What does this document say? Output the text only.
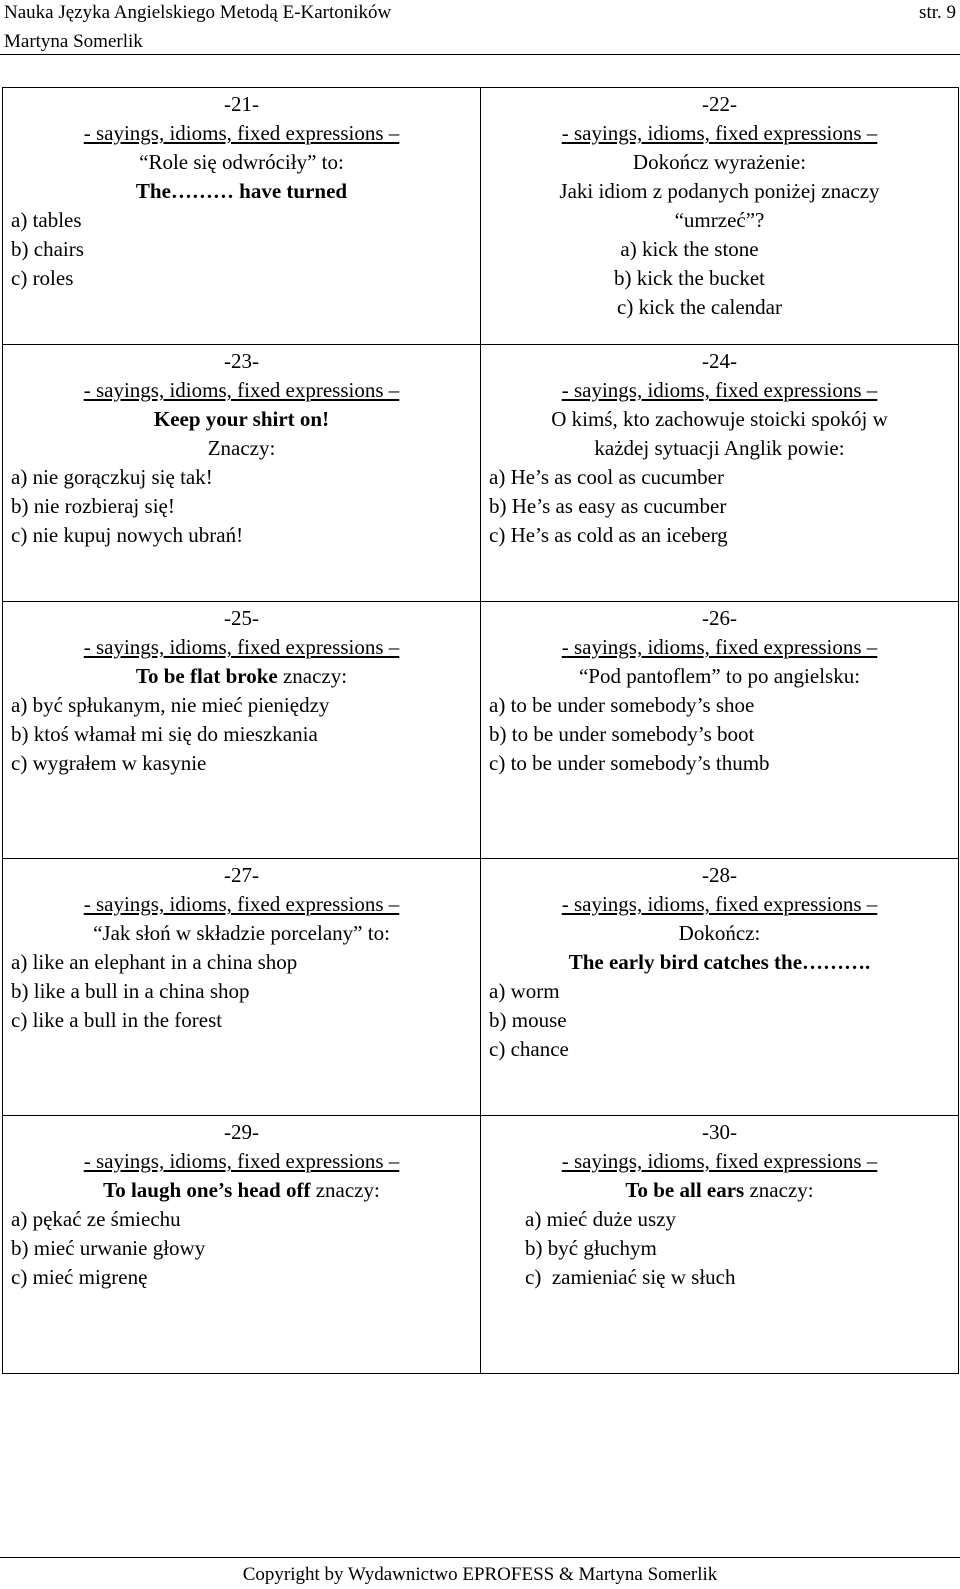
Nauka Języka Angielskiego Metodą E-Kartoników	str. 9
Martyna Somerlik
-21-
- sayings, idioms, fixed expressions –
“Role się odwróciły” to:
The……… have turned
a) tables
b) chairs
c) roles
-22-
- sayings, idioms, fixed expressions –
Dokończ wyrażenie:
Jaki idiom z podanych poniżej znaczy
“umrzeć”?
a) kick the stone
b) kick the bucket
c) kick the calendar
-23-
- sayings, idioms, fixed expressions –
Keep your shirt on!
Znaczy:
a) nie gorączkuj się tak!
b) nie rozbieraj się!
c) nie kupuj nowych ubrań!
-24-
- sayings, idioms, fixed expressions –
O kimś, kto zachowuje stoicki spokój w
każdej sytuacji Anglik powie:
a) He’s as cool as cucumber
b) He’s as easy as cucumber
c) He’s as cold as an iceberg
-25-
- sayings, idioms, fixed expressions –
To be flat broke znaczy:
a) być spłukanym, nie mieć pieniędzy
b) ktoś włamał mi się do mieszkania
c) wygrałem w kasynie
-26-
- sayings, idioms, fixed expressions –
“Pod pantoflem” to po angielsku:
a) to be under somebody’s shoe
b) to be under somebody’s boot
c) to be under somebody’s thumb
-27-
- sayings, idioms, fixed expressions –
“Jak słoń w składzie porcelany” to:
a) like an elephant in a china shop
b) like a bull in a china shop
c) like a bull in the forest
-28-
- sayings, idioms, fixed expressions –
Dokończ:
The early bird catches the……….
a) worm
b) mouse
c) chance
-29-
- sayings, idioms, fixed expressions –
To laugh one’s head off znaczy:
a) pękać ze śmiechu
b) mieć urwanie głowy
c) mieć migrenę
-30-
- sayings, idioms, fixed expressions –
To be all ears znaczy:
a) mieć duże uszy
b) być głuchym
c)  zamieniać się w słuch
Copyright by Wydawnictwo EPROFESS & Martyna Somerlik
